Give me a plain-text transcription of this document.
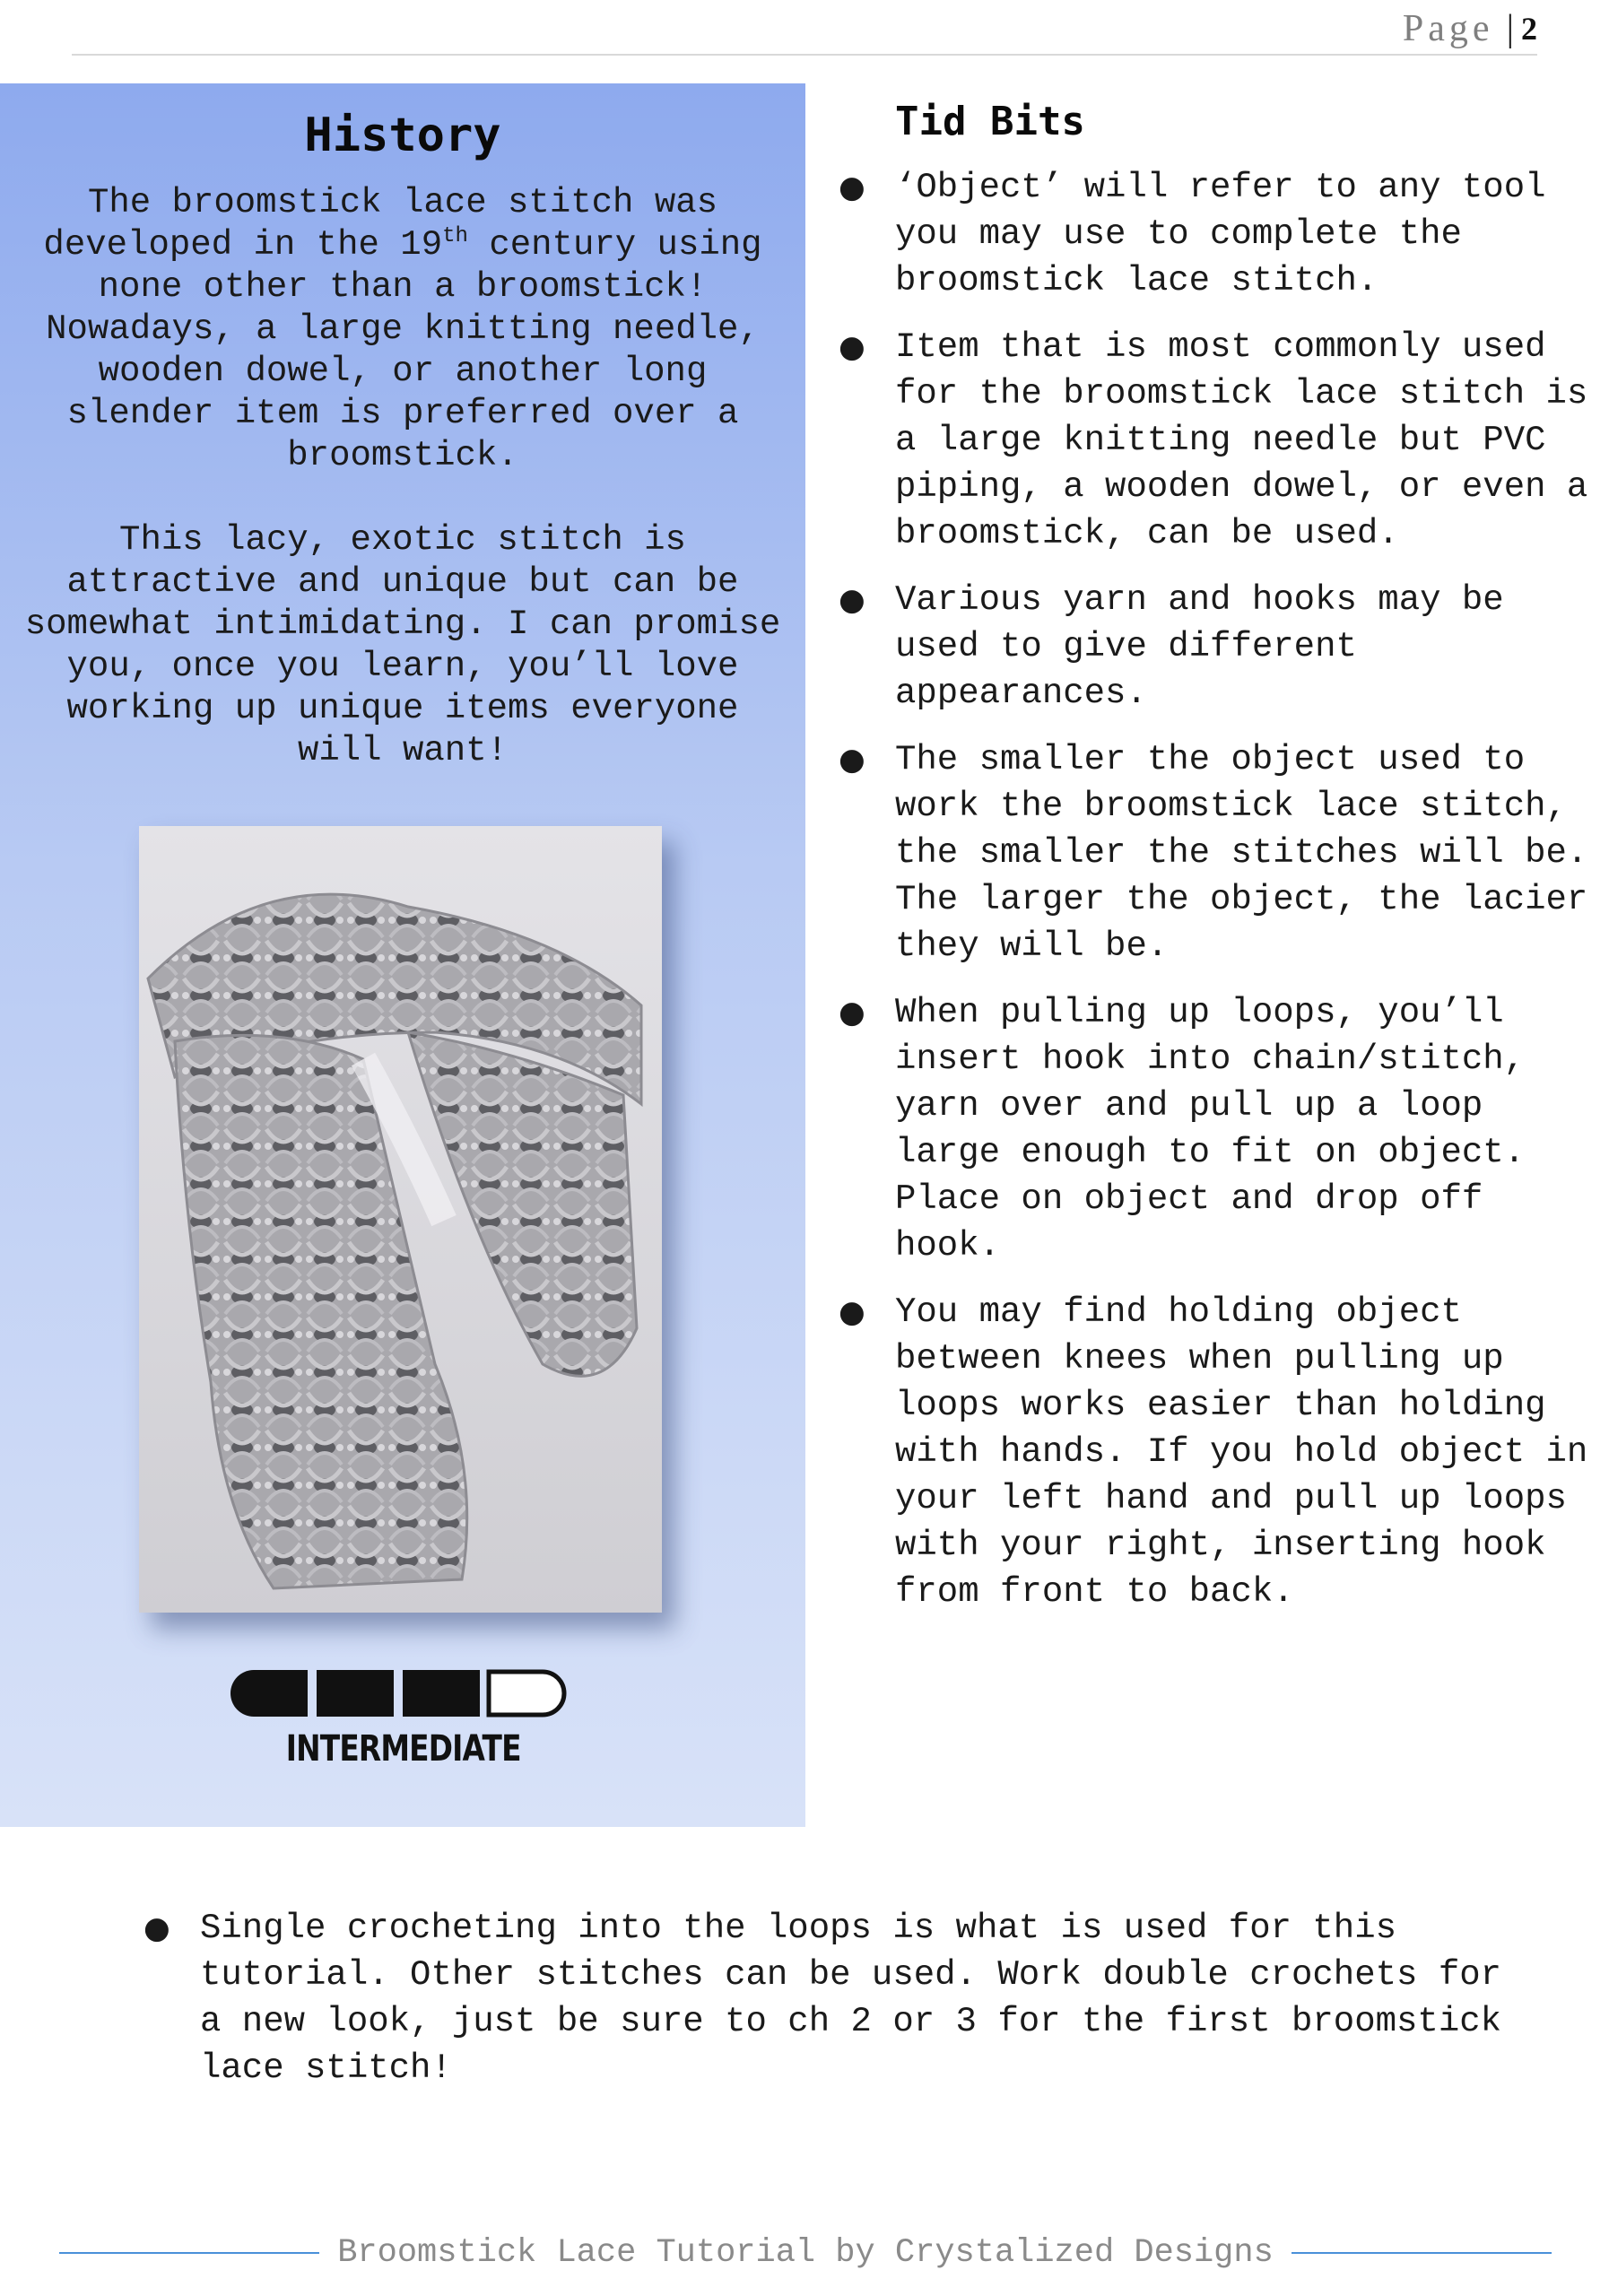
Page | 2
History

The broomstick lace stitch was developed in the 19th century using none other than a broomstick! Nowadays, a large knitting needle, wooden dowel, or another long slender item is preferred over a broomstick.

This lacy, exotic stitch is attractive and unique but can be somewhat intimidating. I can promise you, once you learn, you’ll love working up unique items everyone will want!

INTERMEDIATE
Tid Bits
● ‘Object’ will refer to any tool you may use to complete the broomstick lace stitch.
● Item that is most commonly used for the broomstick lace stitch is a large knitting needle but PVC piping, a wooden dowel, or even a broomstick, can be used.
● Various yarn and hooks may be used to give different appearances.
● The smaller the object used to work the broomstick lace stitch, the smaller the stitches will be. The larger the object, the lacier they will be.
● When pulling up loops, you’ll insert hook into chain/stitch, yarn over and pull up a loop large enough to fit on object. Place on object and drop off hook.
● You may find holding object between knees when pulling up loops works easier than holding with hands. If you hold object in your left hand and pull up loops with your right, inserting hook from front to back.
● Single crocheting into the loops is what is used for this tutorial. Other stitches can be used. Work double crochets for a new look, just be sure to ch 2 or 3 for the first broomstick lace stitch!
Broomstick Lace Tutorial by Crystalized Designs
